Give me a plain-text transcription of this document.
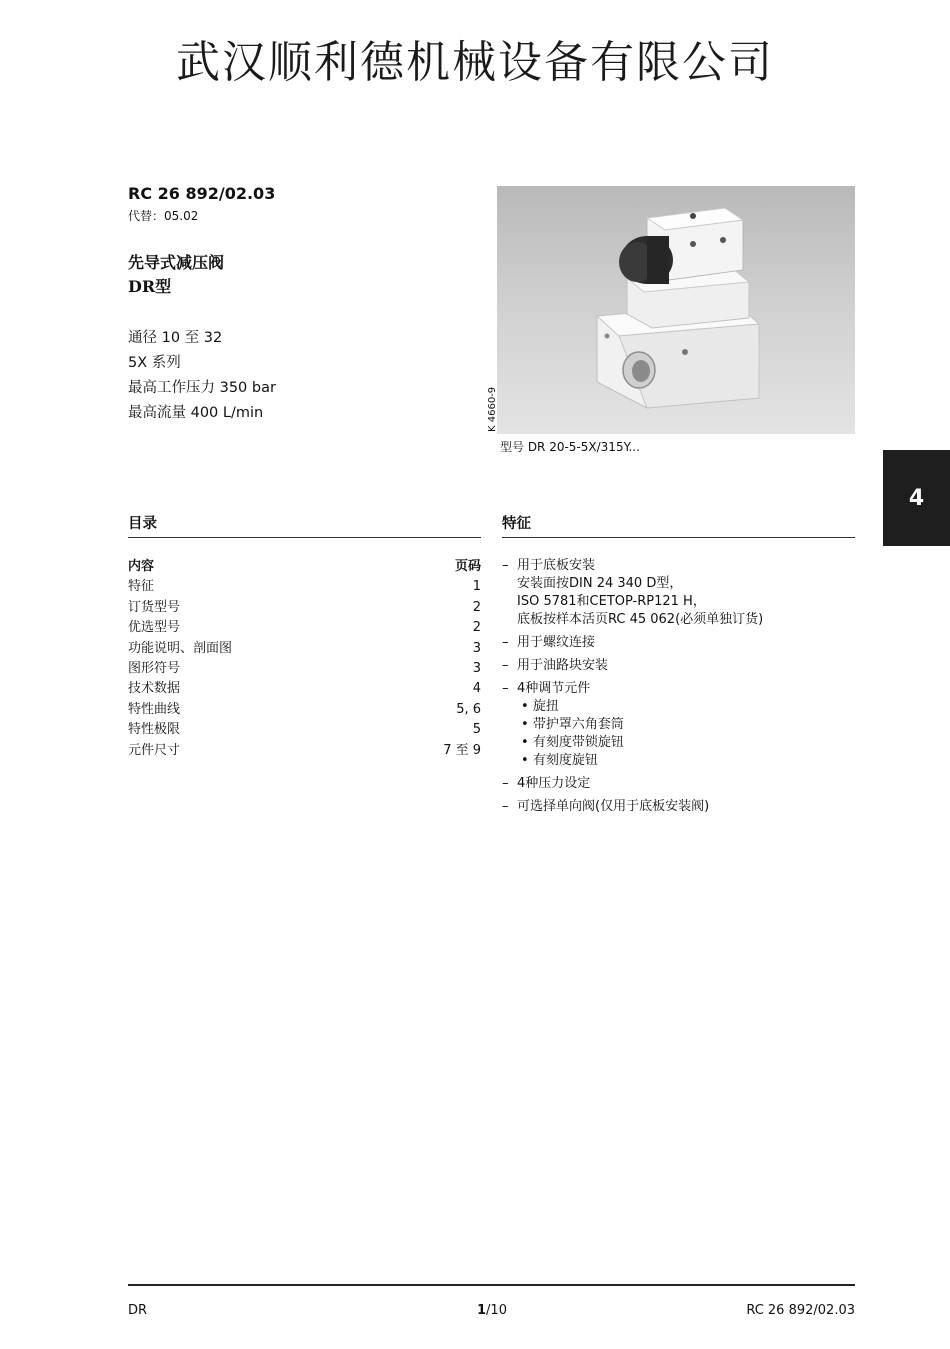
武汉顺利德机械设备有限公司
RC 26 892/02.03
代替：05.02
先导式减压阀
DR型
通径 10 至 32
5X 系列
最高工作压力 350 bar
最高流量 400 L/min	K 4660-9
型号 DR 20-5-5X/315Y...
4
目录	特征
内容	页码
特征	1
订货型号	2
优选型号	2
功能说明、剖面图	3
图形符号	3
技术数据	4
特性曲线	5, 6
特性极限	5
元件尺寸	7 至 9
– 用于底板安装
安装面按DIN 24 340 D型，
ISO 5781和CETOP-RP121 H，
底板按样本活页RC 45 062(必须单独订货)
– 用于螺纹连接
– 用于油路块安装
– 4种调节元件
• 旋扭
• 带护罩六角套筒
• 有刻度带锁旋钮
• 有刻度旋钮
– 4种压力设定
– 可选择单向阀(仅用于底板安装阀)
DR	1/10	RC 26 892/02.03
